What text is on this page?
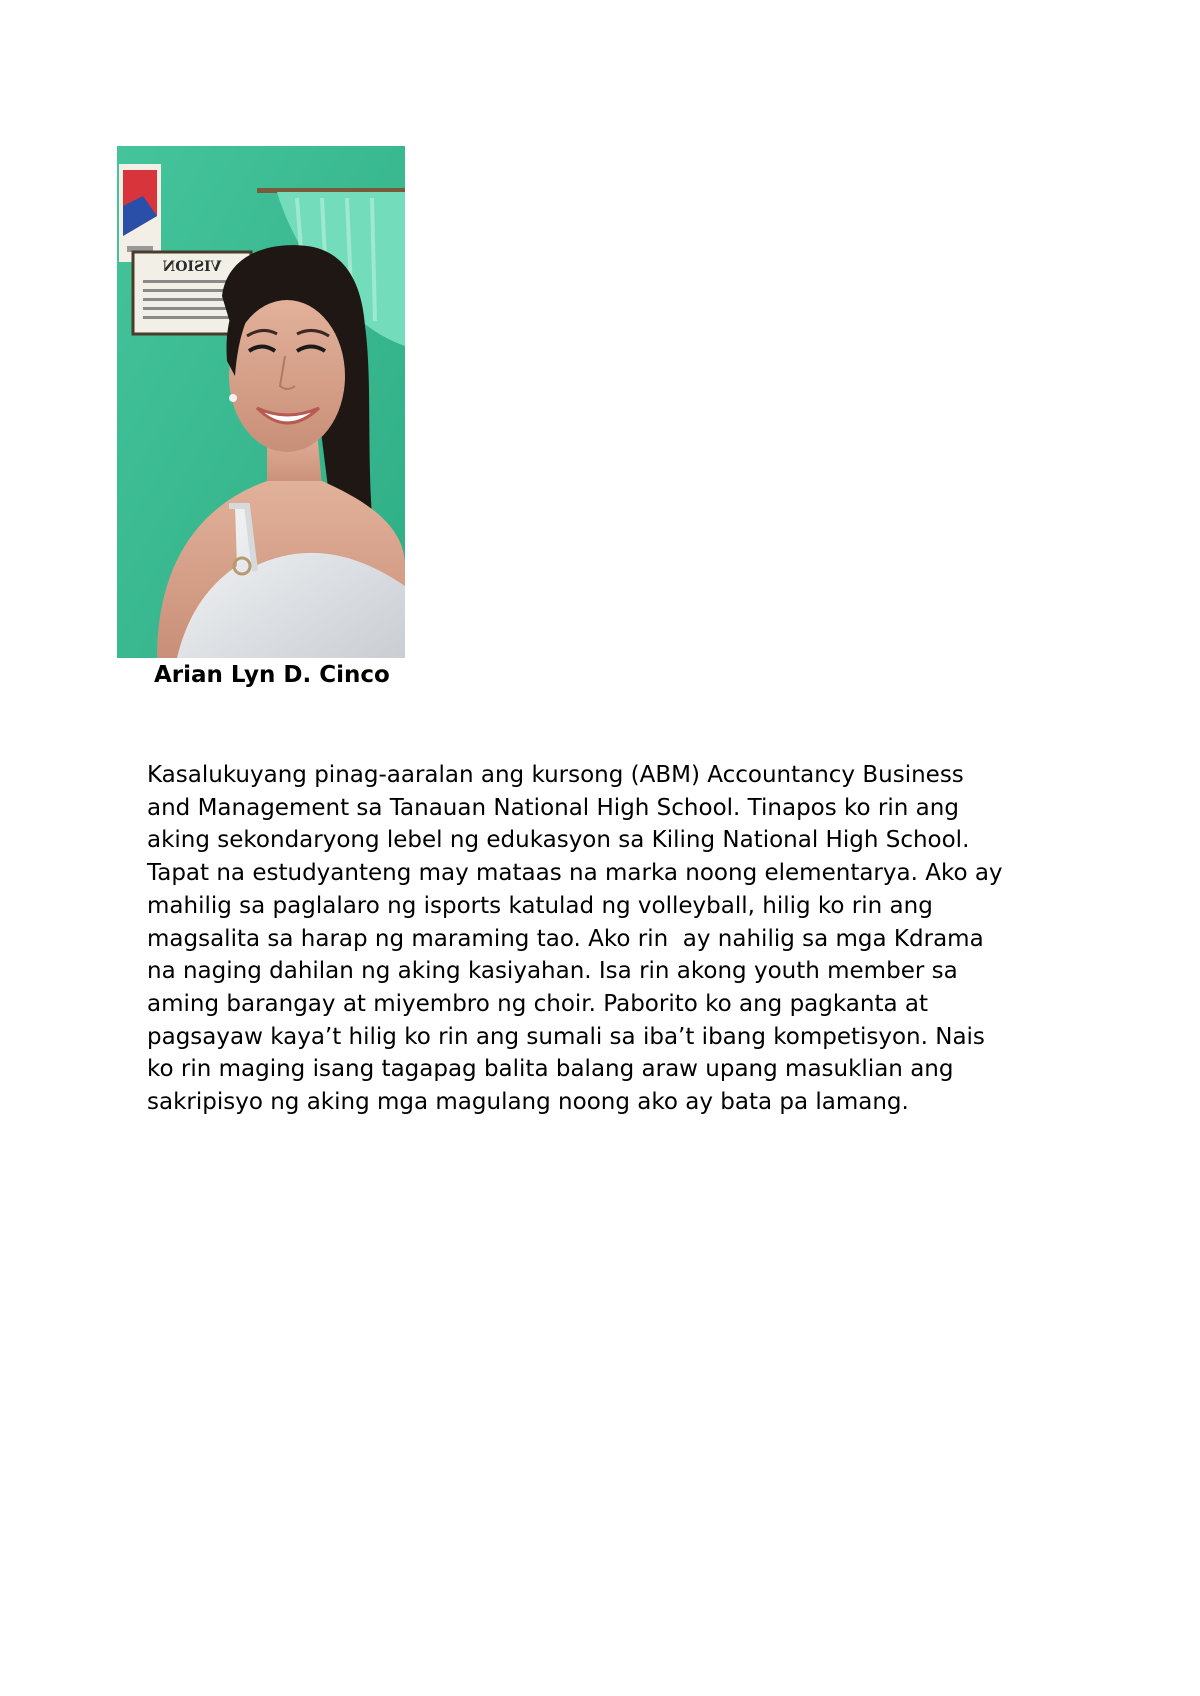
VISION
Arian Lyn D. Cinco
Kasalukuyang pinag-aaralan ang kursong (ABM) Accountancy Business
and Management sa Tanauan National High School. Tinapos ko rin ang
aking sekondaryong lebel ng edukasyon sa Kiling National High School.
Tapat na estudyanteng may mataas na marka noong elementarya. Ako ay
mahilig sa paglalaro ng isports katulad ng volleyball, hilig ko rin ang
magsalita sa harap ng maraming tao. Ako rin  ay nahilig sa mga Kdrama
na naging dahilan ng aking kasiyahan. Isa rin akong youth member sa
aming barangay at miyembro ng choir. Paborito ko ang pagkanta at
pagsayaw kaya’t hilig ko rin ang sumali sa iba’t ibang kompetisyon. Nais
ko rin maging isang tagapag balita balang araw upang masuklian ang
sakripisyo ng aking mga magulang noong ako ay bata pa lamang.
